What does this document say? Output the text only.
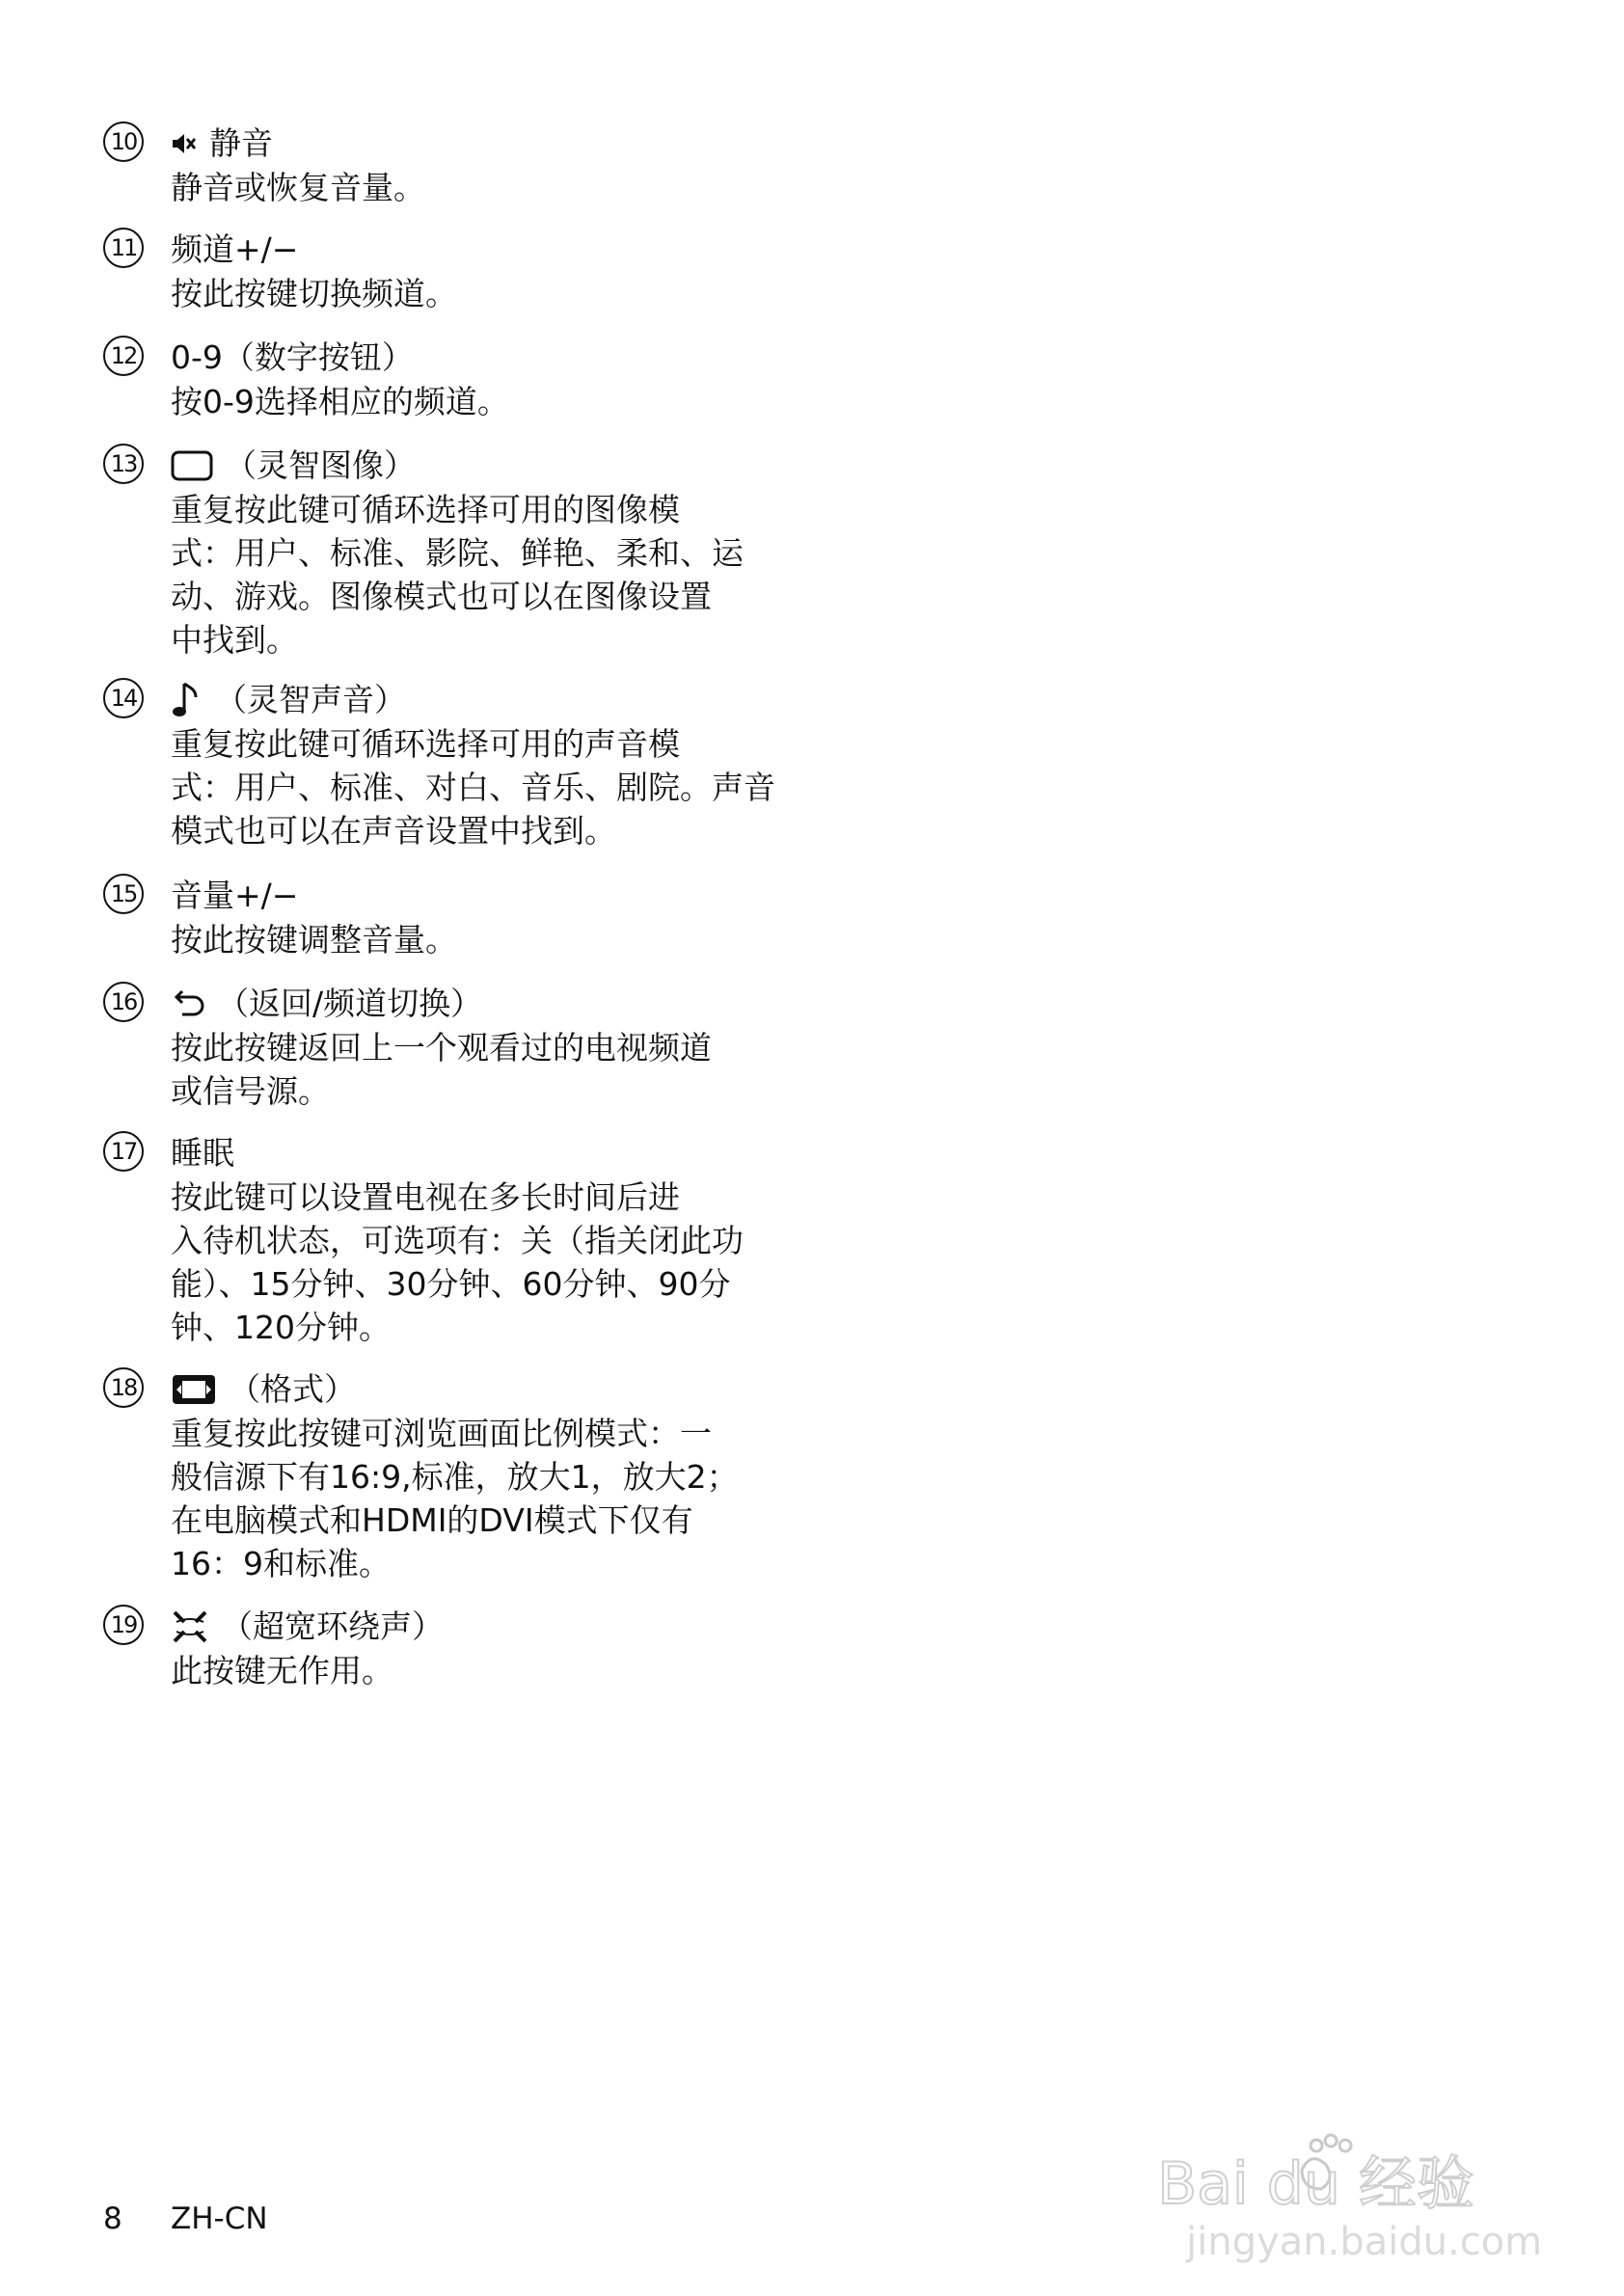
10 静音
静音或恢复音量。
11 频道+/−
按此按键切换频道。
12 0-9（数字按钮）
按0-9选择相应的频道。
13	（灵智图像）
重复按此键可循环选择可用的图像模
式：用户、标准、影院、鲜艳、柔和、运
动、游戏。图像模式也可以在图像设置
中找到。
14 （灵智声音）
重复按此键可循环选择可用的声音模
式：用户、标准、对白、音乐、剧院。声音
模式也可以在声音设置中找到。
15 音量+/−
按此按键调整音量。
16	（返回/频道切换）
按此按键返回上一个观看过的电视频道
或信号源。
17 睡眠
按此键可以设置电视在多长时间后进
入待机状态，可选项有：关（指关闭此功
能）、15分钟、30分钟、60分钟、90分
钟、120分钟。
18	（格式）
重复按此按键可浏览画面比例模式：一
般信源下有16:9,标准，放大1，放大2；
在电脑模式和HDMI的DVI模式下仅有
16：9和标准。
19	（超宽环绕声）
此按键无作用。
8 ZH-CN
Bai du 经验
jingyan.baidu.com
